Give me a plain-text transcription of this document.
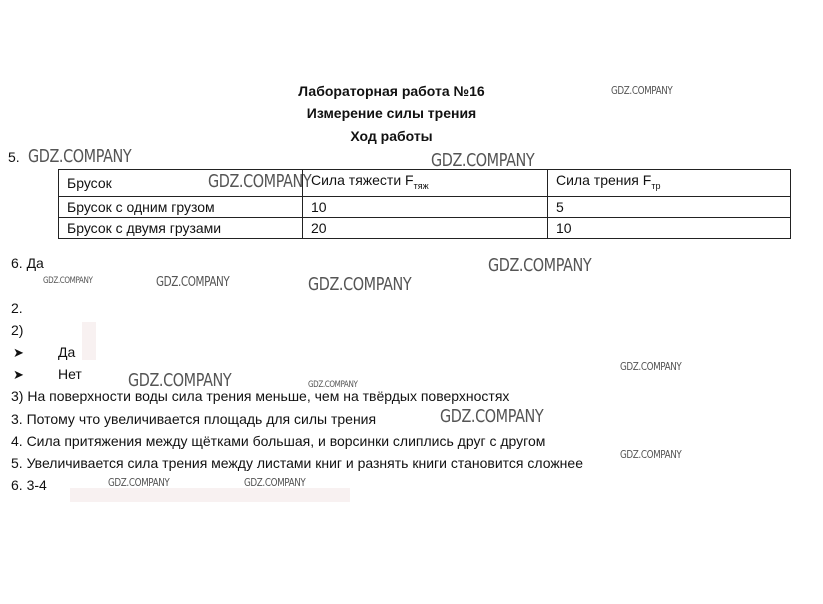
Лабораторная работа №16
Измерение силы трения
Ход работы
5.
Брусок	Сила тяжести $F_{тяж}$	Сила трения $F_{тр}$
Брусок с одним грузом	10	5
Брусок с двумя грузами	20	10
6. Да
2.
2)
➤ Да
➤ Нет
3) На поверхности воды сила трения меньше, чем на твёрдых поверхностях
3. Потому что увеличивается площадь для силы трения
4. Сила притяжения между щётками большая, и ворсинки слиплись друг с другом
5. Увеличивается сила трения между листами книг и разнять книги становится сложнее
6. 3-4
GDZ.COMPANY
GDZ.COMPANY	GDZ.COMPANY
GDZ.COMPANY
GDZ.COMPANY
GDZ.COMPANY	GDZ.COMPANY	GDZ.COMPANY
GDZ.COMPANY
GDZ.COMPANY	GDZ.COMPANY
GDZ.COMPANY
GDZ.COMPANY
GDZ.COMPANY	GDZ.COMPANY
